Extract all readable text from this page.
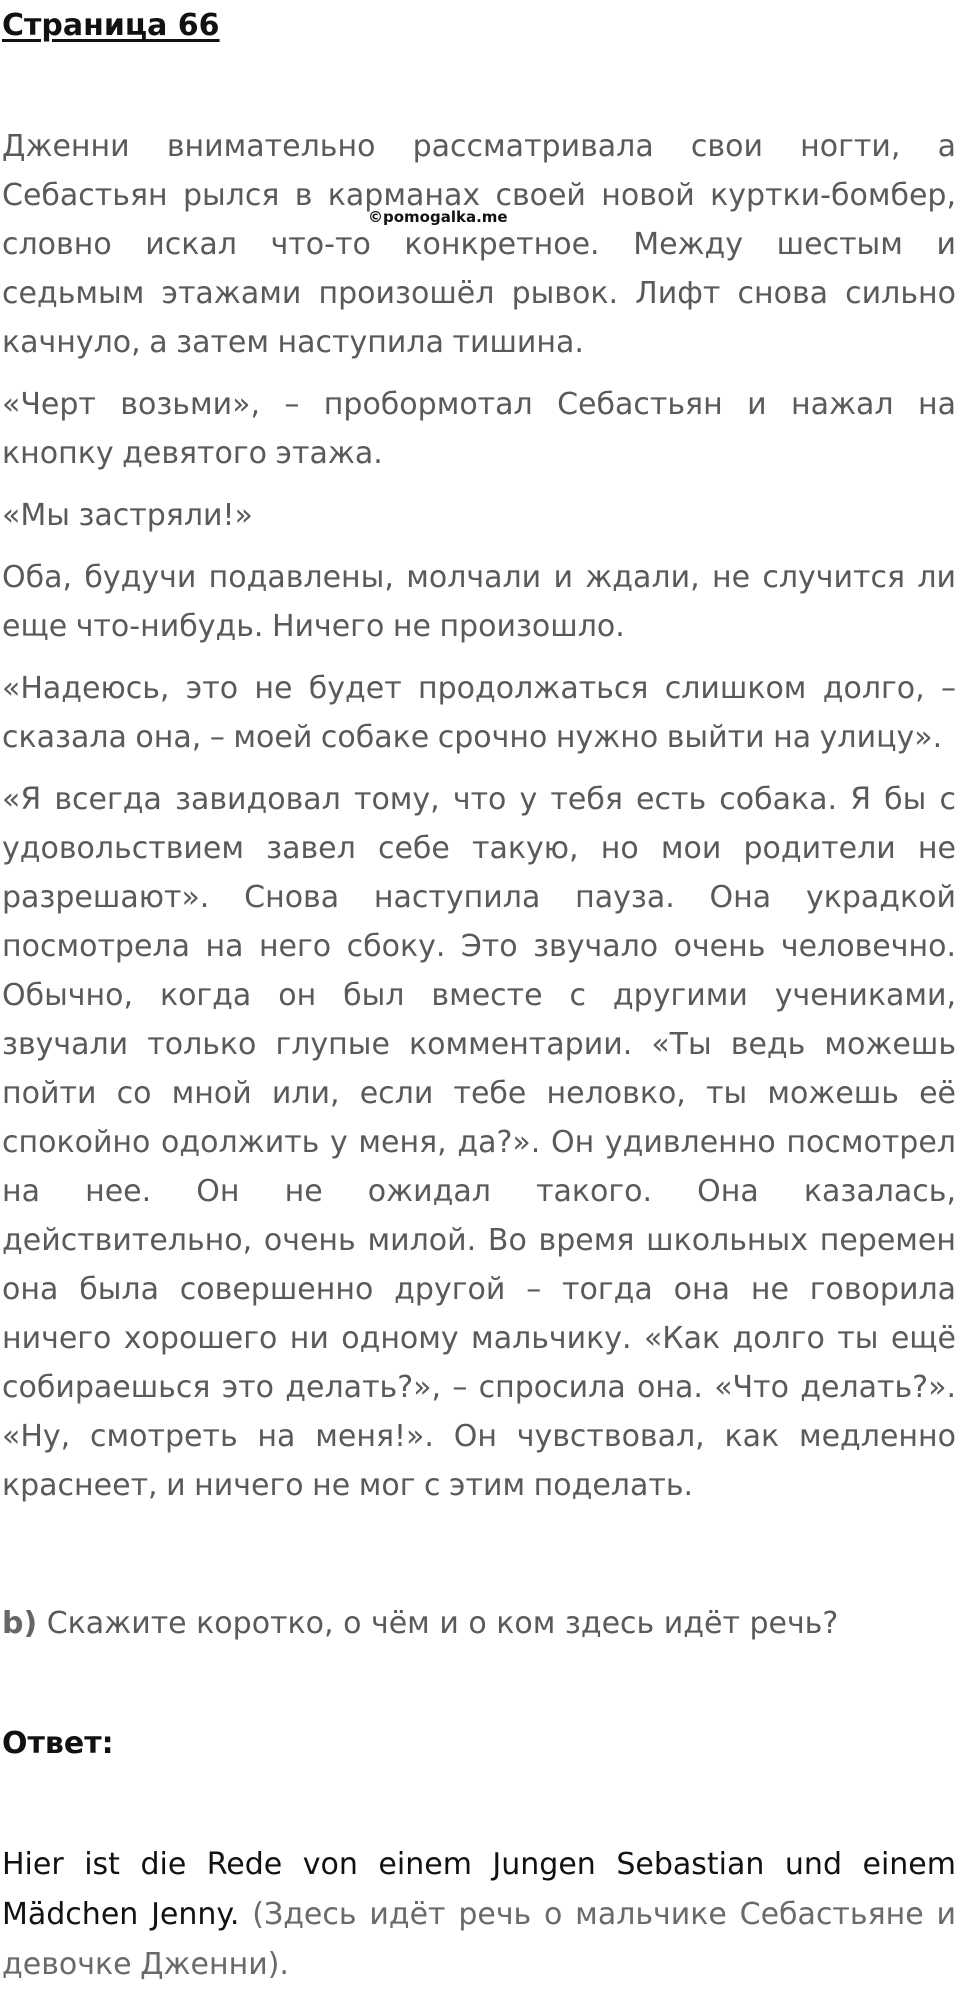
Страница 66
©pomogalka.me

Дженни внимательно рассматривала свои ногти, а Себастьян рылся в карманах своей новой куртки-бомбер, словно искал что-то конкретное. Между шестым и седьмым этажами произошёл рывок. Лифт снова сильно качнуло, а затем наступила тишина.

«Черт возьми», – пробормотал Себастьян и нажал на кнопку девятого этажа.

«Мы застряли!»

Оба, будучи подавлены, молчали и ждали, не случится ли еще что-нибудь. Ничего не произошло.

«Надеюсь, это не будет продолжаться слишком долго, – сказала она, – моей собаке срочно нужно выйти на улицу».

«Я всегда завидовал тому, что у тебя есть собака. Я бы с удовольствием завел себе такую, но мои родители не разрешают». Снова наступила пауза. Она украдкой посмотрела на него сбоку. Это звучало очень человечно. Обычно, когда он был вместе с другими учениками, звучали только глупые комментарии. «Ты ведь можешь пойти со мной или, если тебе неловко, ты можешь её спокойно одолжить у меня, да?». Он удивленно посмотрел на нее. Он не ожидал такого. Она казалась, действительно, очень милой. Во время школьных перемен она была совершенно другой – тогда она не говорила ничего хорошего ни одному мальчику. «Как долго ты ещё собираешься это делать?», – спросила она. «Что делать?». «Ну, смотреть на меня!». Он чувствовал, как медленно краснеет, и ничего не мог с этим поделать.

b) Скажите коротко, о чём и о ком здесь идёт речь?
Ответ:
Hier ist die Rede von einem Jungen Sebastian und einem Mädchen Jenny. (Здесь идёт речь о мальчике Себастьяне и девочке Дженни).
